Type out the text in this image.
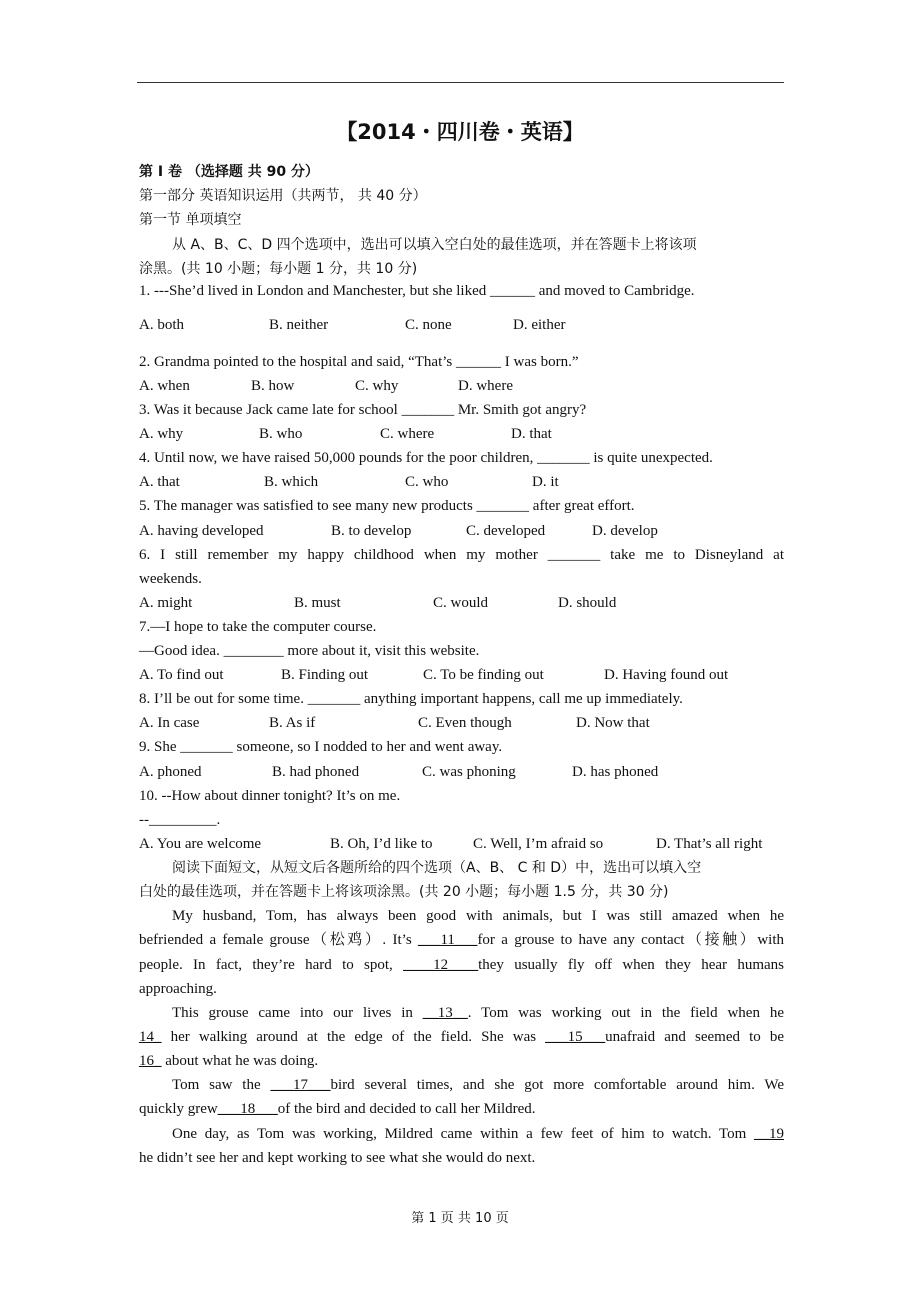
【2014・四川卷・英语】
第 I 卷 （选择题 共 90 分）
第一部分 英语知识运用（共两节， 共 40 分）
第一节 单项填空
从 A、B、C、D 四个选项中，选出可以填入空白处的最佳选项，并在答题卡上将该项
涂黑。(共 10 小题；每小题 1 分，共 10 分)
1. ---She’d lived in London and Manchester, but she liked ______ and moved to Cambridge.
A. both	B. neither	C. none	D. either
2. Grandma pointed to the hospital and said, “That’s ______ I was born.”
A. when	B. how	C. why	D. where
3. Was it because Jack came late for school _______ Mr. Smith got angry?
A. why	B. who	C. where	D. that
4. Until now, we have raised 50,000 pounds for the poor children, _______ is quite unexpected.
A. that	B. which	C. who	D. it
5. The manager was satisfied to see many new products _______ after great effort.
A. having developed	B. to develop	C. developed	D. develop
6. I still remember my happy childhood when my mother _______ take me to Disneyland at
weekends.
A. might	B. must	C. would	D. should
7.—I hope to take the computer course.
—Good idea. ________ more about it, visit this website.
A. To find out	B. Finding out	C. To be finding out	D. Having found out
8. I’ll be out for some time. _______ anything important happens, call me up immediately.
A. In case	B. As if	C. Even though	D. Now that
9. She _______ someone, so I nodded to her and went away.
A. phoned	B. had phoned	C. was phoning	D. has phoned
10. --How about dinner tonight? It’s on me.
--_________.
A. You are welcome	B. Oh, I’d like to	C. Well, I’m afraid so	D. That’s all right
阅读下面短文，从短文后各题所给的四个选项（A、B、 C 和 D）中，选出可以填入空
白处的最佳选项，并在答题卡上将该项涂黑。(共 20 小题；每小题 1.5 分，共 30 分)
My husband, Tom, has always been good with animals, but I was still amazed when he
befriended a female grouse（松鸡）. It’s ___11___for a grouse to have any contact（接触）with
people. In fact, they’re hard to spot, ____12____they usually fly off when they hear humans
approaching.
This grouse came into our lives in __13__. Tom was working out in the field when he
14_ her walking around at the edge of the field. She was ___15___unafraid and seemed to be
16_ about what he was doing.
Tom saw the ___17___bird several times, and she got more comfortable around him. We
quickly grew___18___of the bird and decided to call her Mildred.
One day, as Tom was working, Mildred came within a few feet of him to watch. Tom __19
he didn’t see her and kept working to see what she would do next.
第 1 页 共 10 页
